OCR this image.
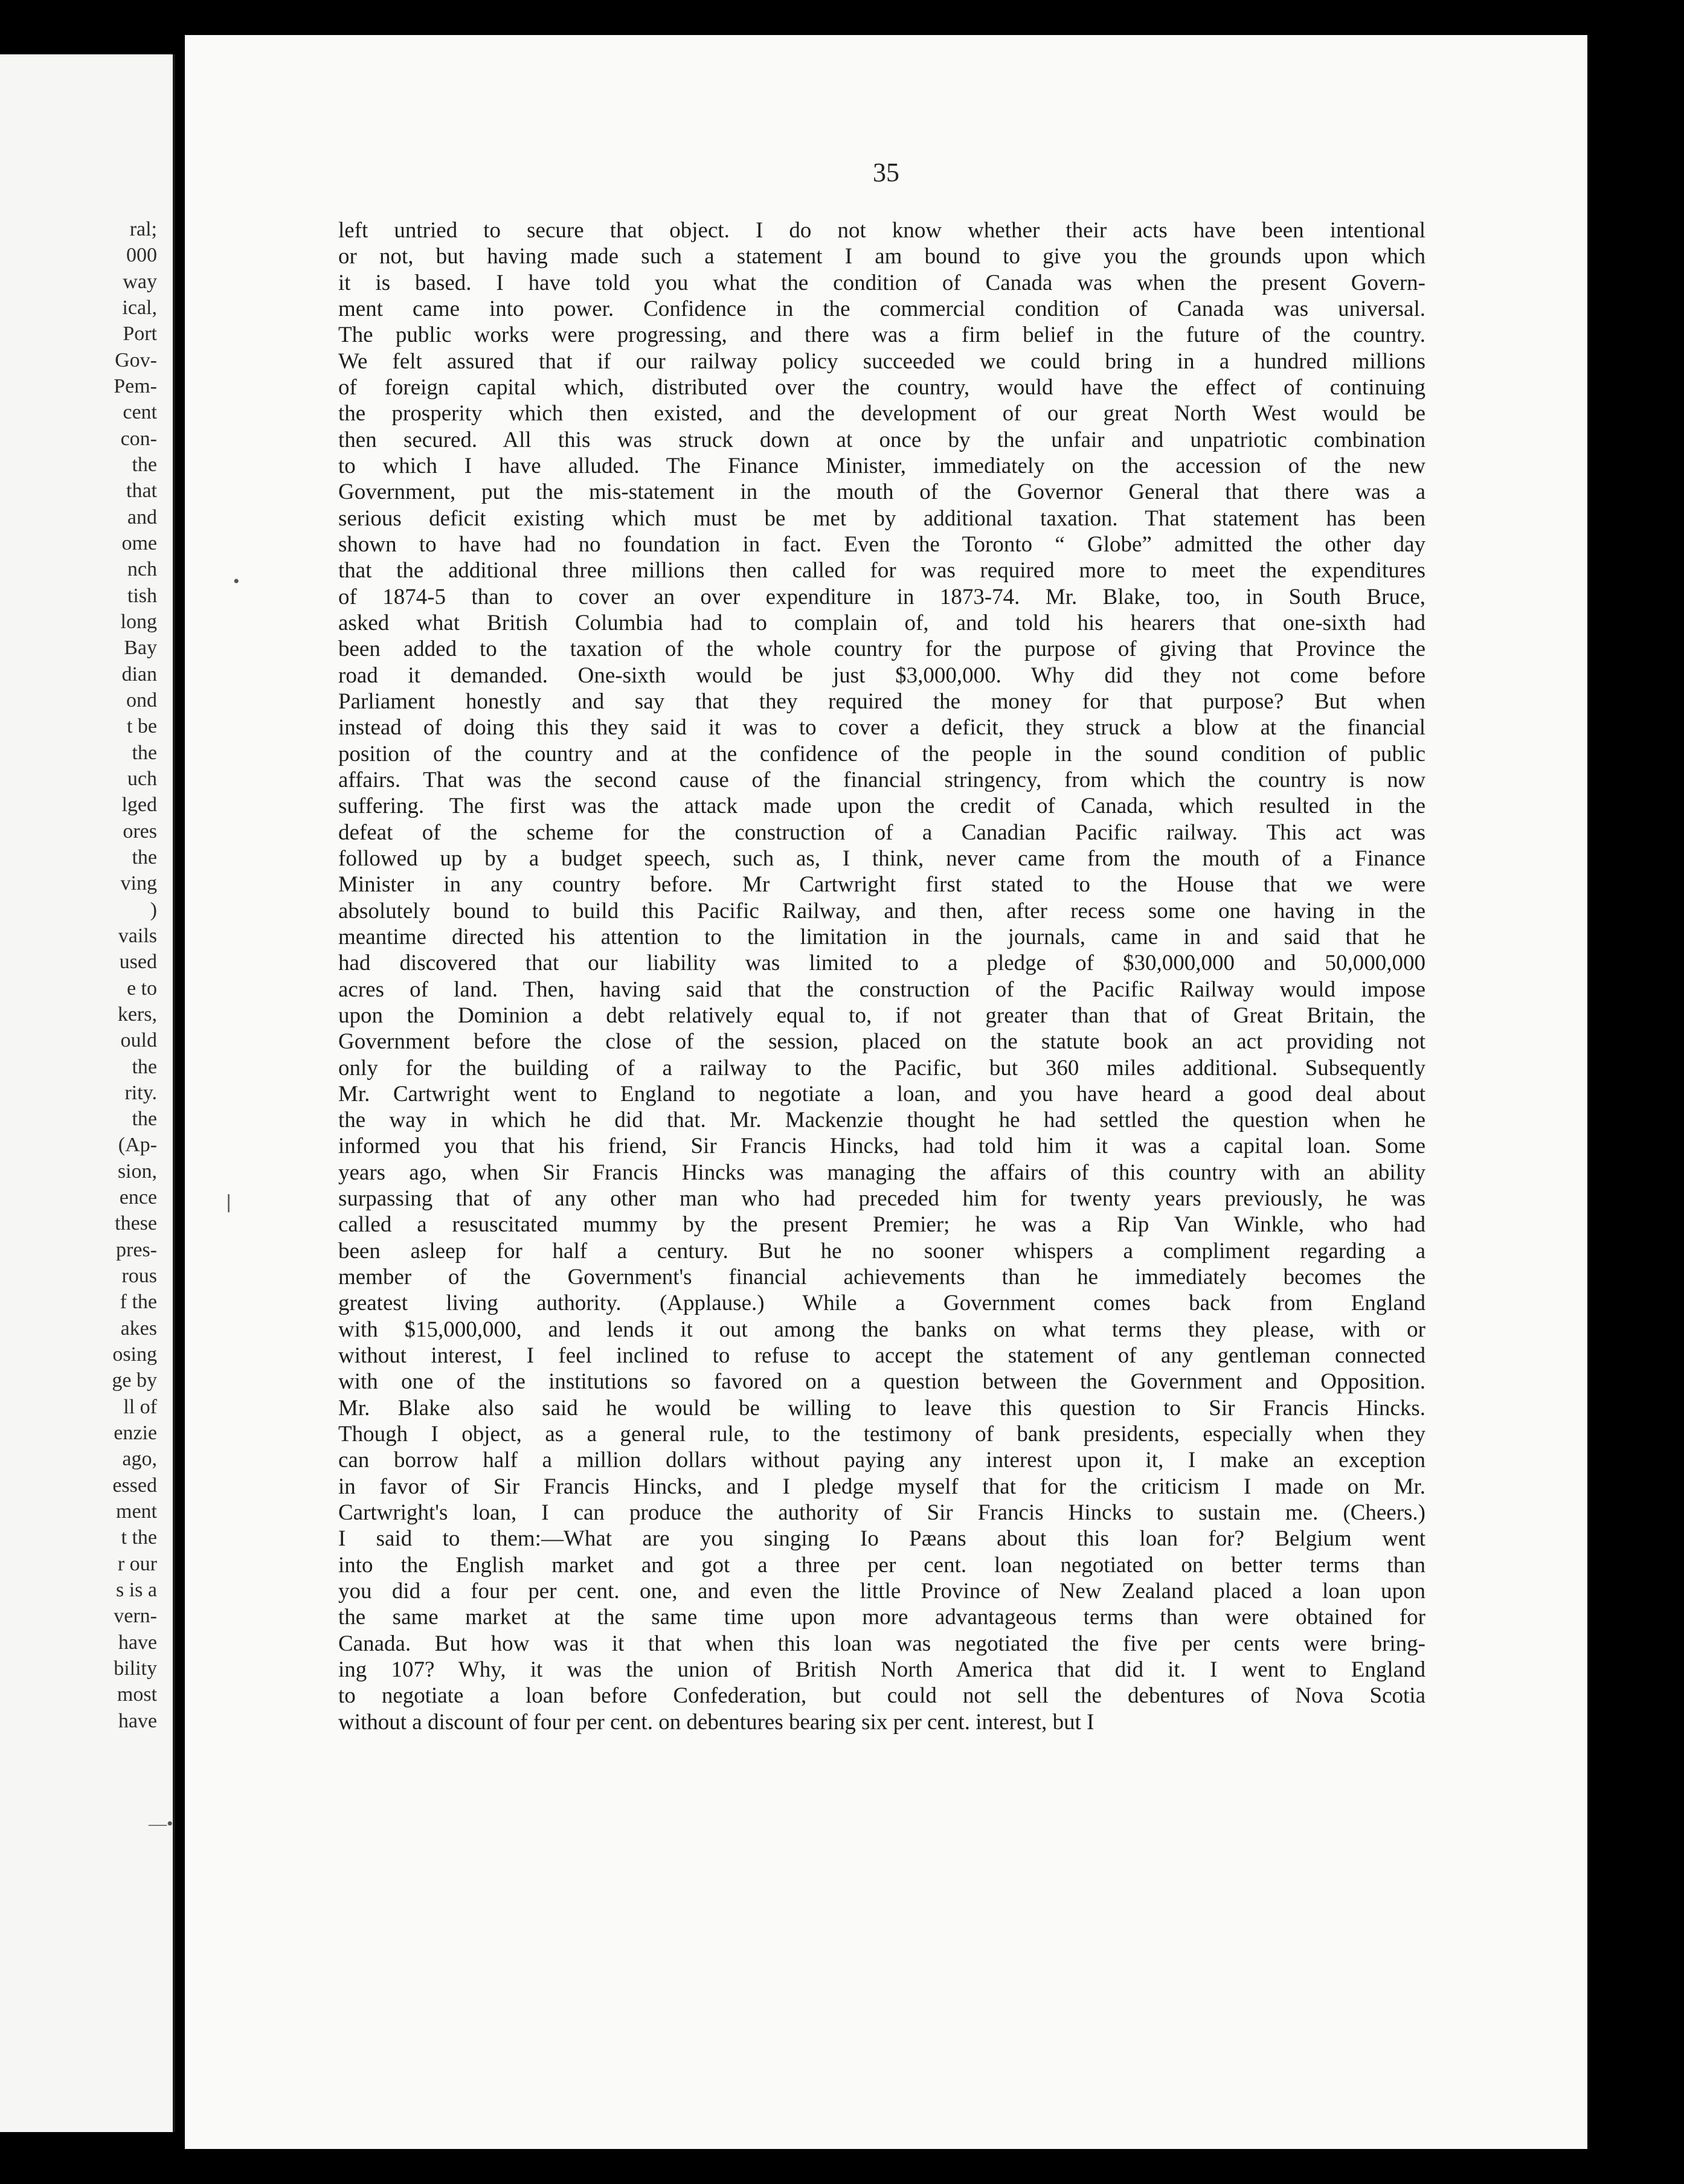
ral;
000
way
ical,
Port
Gov-
Pem-
cent
con-
the
that
and
ome
nch
tish
long
Bay
dian
ond
t be
the
uch
lged
ores
the
ving
)
vails
used
e to
kers,
ould
the
rity.
the
(Ap-
sion,
ence
these
pres-
rous
f the
akes
osing
ge by
ll of
enzie
ago,
essed
ment
t the
r our
s is a
vern-
have
bility
most
have
35
left untried to secure that object. I do not know whether their acts have been intentional
or not, but having made such a statement I am bound to give you the grounds upon which
it is based. I have told you what the condition of Canada was when the present Govern-
ment came into power. Confidence in the commercial condition of Canada was universal.
The public works were progressing, and there was a firm belief in the future of the country.
We felt assured that if our railway policy succeeded we could bring in a hundred millions
of foreign capital which, distributed over the country, would have the effect of continuing
the prosperity which then existed, and the development of our great North West would be
then secured. All this was struck down at once by the unfair and unpatriotic combination
to which I have alluded. The Finance Minister, immediately on the accession of the new
Government, put the mis-statement in the mouth of the Governor General that there was a
serious deficit existing which must be met by additional taxation. That statement has been
shown to have had no foundation in fact. Even the Toronto “ Globe” admitted the other day
that the additional three millions then called for was required more to meet the expenditures
of 1874-5 than to cover an over expenditure in 1873-74. Mr. Blake, too, in South Bruce,
asked what British Columbia had to complain of, and told his hearers that one-sixth had
been added to the taxation of the whole country for the purpose of giving that Province the
road it demanded. One-sixth would be just $3,000,000. Why did they not come before
Parliament honestly and say that they required the money for that purpose? But when
instead of doing this they said it was to cover a deficit, they struck a blow at the financial
position of the country and at the confidence of the people in the sound condition of public
affairs. That was the second cause of the financial stringency, from which the country is now
suffering. The first was the attack made upon the credit of Canada, which resulted in the
defeat of the scheme for the construction of a Canadian Pacific railway. This act was
followed up by a budget speech, such as, I think, never came from the mouth of a Finance
Minister in any country before. Mr Cartwright first stated to the House that we were
absolutely bound to build this Pacific Railway, and then, after recess some one having in the
meantime directed his attention to the limitation in the journals, came in and said that he
had discovered that our liability was limited to a pledge of $30,000,000 and 50,000,000
acres of land. Then, having said that the construction of the Pacific Railway would impose
upon the Dominion a debt relatively equal to, if not greater than that of Great Britain, the
Government before the close of the session, placed on the statute book an act providing not
only for the building of a railway to the Pacific, but 360 miles additional. Subsequently
Mr. Cartwright went to England to negotiate a loan, and you have heard a good deal about
the way in which he did that. Mr. Mackenzie thought he had settled the question when he
informed you that his friend, Sir Francis Hincks, had told him it was a capital loan. Some
years ago, when Sir Francis Hincks was managing the affairs of this country with an ability
surpassing that of any other man who had preceded him for twenty years previously, he was
called a resuscitated mummy by the present Premier; he was a Rip Van Winkle, who had
been asleep for half a century. But he no sooner whispers a compliment regarding a
member of the Government's financial achievements than he immediately becomes the
greatest living authority. (Applause.) While a Government comes back from England
with $15,000,000, and lends it out among the banks on what terms they please, with or
without interest, I feel inclined to refuse to accept the statement of any gentleman connected
with one of the institutions so favored on a question between the Government and Opposition.
Mr. Blake also said he would be willing to leave this question to Sir Francis Hincks.
Though I object, as a general rule, to the testimony of bank presidents, especially when they
can borrow half a million dollars without paying any interest upon it, I make an exception
in favor of Sir Francis Hincks, and I pledge myself that for the criticism I made on Mr.
Cartwright's loan, I can produce the authority of Sir Francis Hincks to sustain me. (Cheers.)
I said to them:—What are you singing Io Pæans about this loan for? Belgium went
into the English market and got a three per cent. loan negotiated on better terms than
you did a four per cent. one, and even the little Province of New Zealand placed a loan upon
the same market at the same time upon more advantageous terms than were obtained for
Canada. But how was it that when this loan was negotiated the five per cents were bring-
ing 107? Why, it was the union of British North America that did it. I went to England
to negotiate a loan before Confederation, but could not sell the debentures of Nova Scotia
without a discount of four per cent. on debentures bearing six per cent. interest, but I
•
❘
—•
